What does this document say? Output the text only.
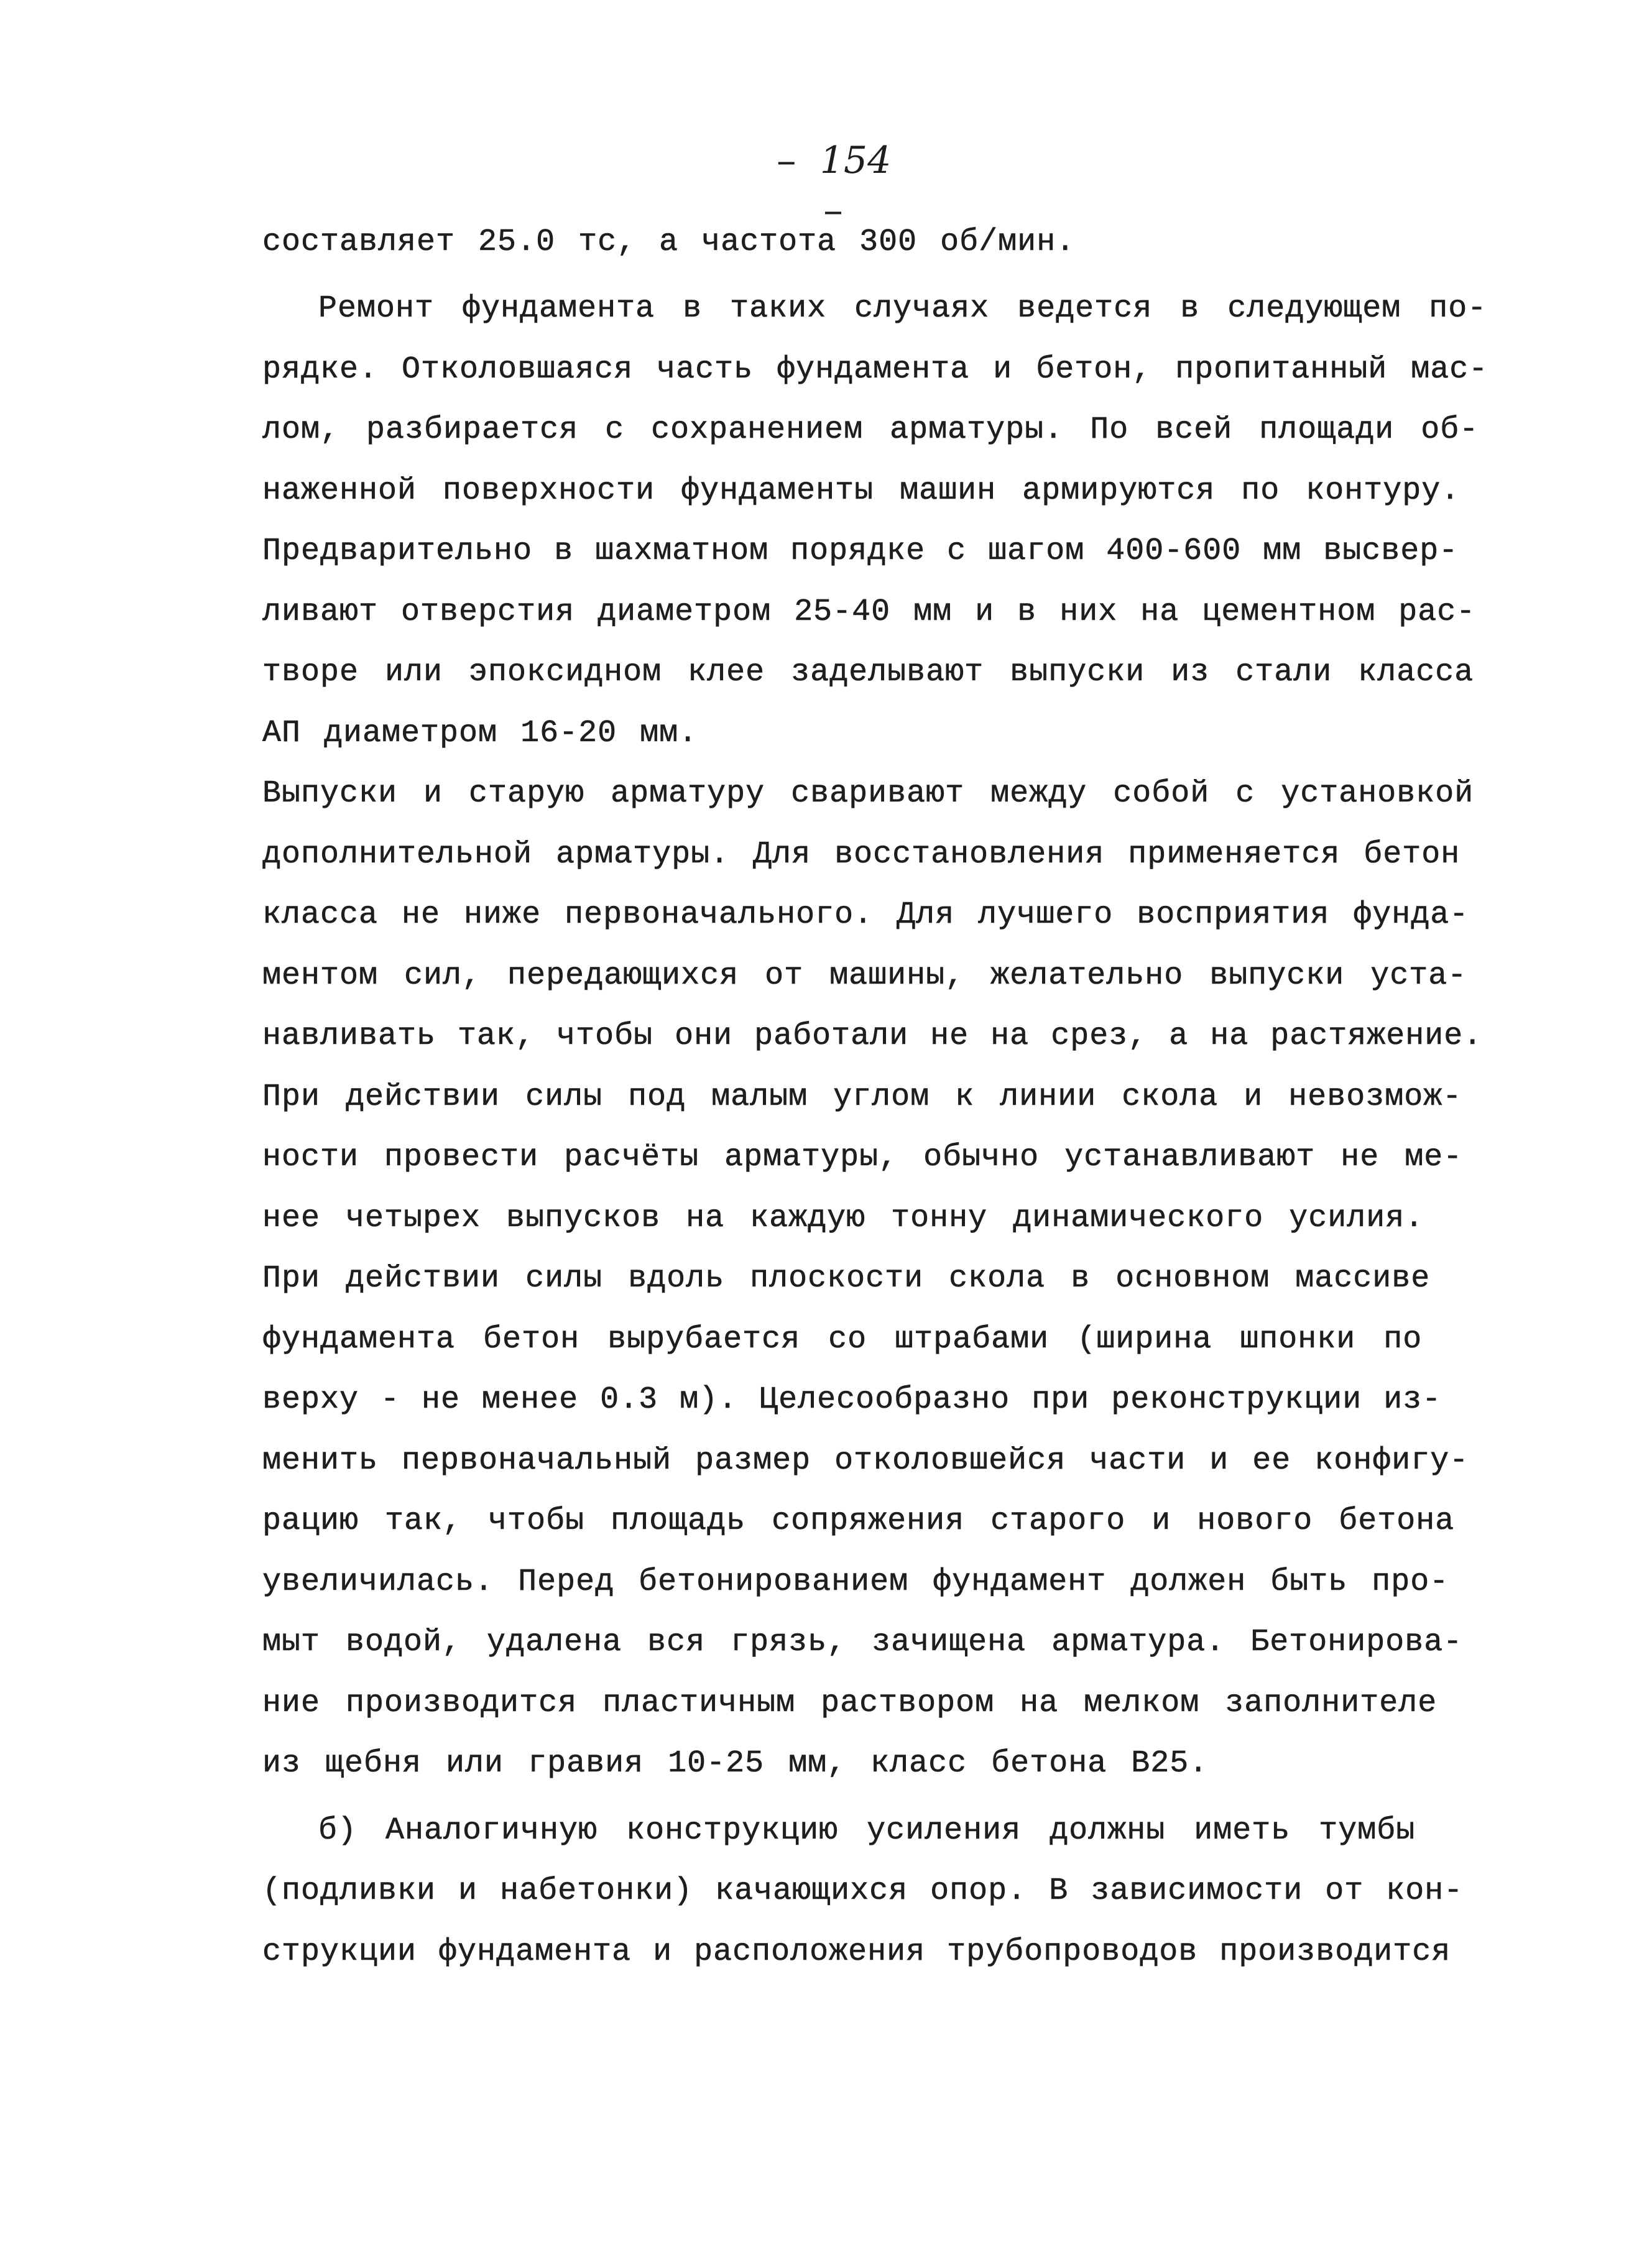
– 154 –

составляет 25.0 тс, а частота 300 об/мин.

Ремонт фундамента в таких случаях ведется в следующем по-

рядке. Отколовшаяся часть фундамента и бетон, пропитанный мас-

лом, разбирается с сохранением арматуры. По всей площади об-

наженной поверхности фундаменты машин армируются по контуру.

Предварительно в шахматном порядке с шагом 400-600 мм высвер-

ливают отверстия диаметром 25-40 мм и в них на цементном рас-

творе или эпоксидном клее заделывают выпуски из стали класса

АП диаметром 16-20 мм.

Выпуски и старую арматуру сваривают между собой с установкой

дополнительной арматуры. Для восстановления применяется бетон

класса не ниже первоначального. Для лучшего восприятия фунда-

ментом сил, передающихся от машины, желательно выпуски уста-

навливать так, чтобы они работали не на срез, а на растяжение.

При действии силы под малым углом к линии скола и невозмож-

ности провести расчёты арматуры, обычно устанавливают не ме-

нее четырех выпусков на каждую тонну динамического усилия.

При действии силы вдоль плоскости скола в основном массиве

фундамента бетон вырубается со штрабами (ширина шпонки по

верху - не менее 0.3 м). Целесообразно при реконструкции из-

менить первоначальный размер отколовшейся части и ее конфигу-

рацию так, чтобы площадь сопряжения старого и нового бетона

увеличилась. Перед бетонированием фундамент должен быть про-

мыт водой, удалена вся грязь, зачищена арматура. Бетонирова-

ние производится пластичным раствором на мелком заполнителе

из щебня или гравия 10-25 мм, класс бетона В25.

б) Аналогичную конструкцию усиления должны иметь тумбы

(подливки и набетонки) качающихся опор. В зависимости от кон-

струкции фундамента и расположения трубопроводов производится
